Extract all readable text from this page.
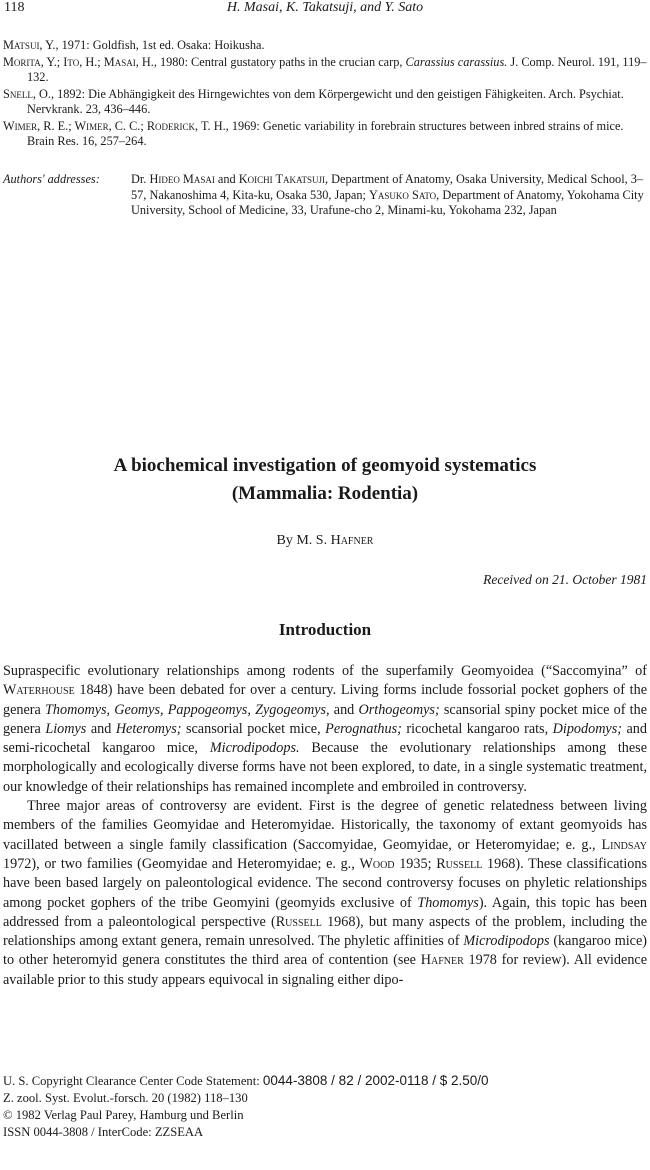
118	H. Masai, K. Takatsuji, and Y. Sato

Matsui, Y., 1971: Goldfish, 1st ed. Osaka: Hoikusha.

Morita, Y.; Ito, H.; Masai, H., 1980: Central gustatory paths in the crucian carp, Carassius carassius. J. Comp. Neurol. 191, 119–132.

Snell, O., 1892: Die Abhängigkeit des Hirngewichtes von dem Körpergewicht und den geistigen Fähigkeiten. Arch. Psychiat. Nervkrank. 23, 436–446.

Wimer, R. E.; Wimer, C. C.; Roderick, T. H., 1969: Genetic variability in forebrain structures between inbred strains of mice. Brain Res. 16, 257–264.

Authors' addresses:	Dr. Hideo Masai and Koichi Takatsuji, Department of Anatomy, Osaka University, Medical School, 3–57, Nakanoshima 4, Kita-ku, Osaka 530, Japan; Yasuko Sato, Department of Anatomy, Yokohama City University, School of Medicine, 33, Urafune-cho 2, Minami-ku, Yokohama 232, Japan
A biochemical investigation of geomyoid systematics
(Mammalia: Rodentia)
By M. S. Hafner
Received on 21. October 1981
Introduction

Supraspecific evolutionary relationships among rodents of the superfamily Geomyoidea (“Saccomyina” of Waterhouse 1848) have been debated for over a century. Living forms include fossorial pocket gophers of the genera Thomomys, Geomys, Pappogeomys, Zygogeomys, and Orthogeomys; scansorial spiny pocket mice of the genera Liomys and Heteromys; scansorial pocket mice, Perognathus; ricochetal kangaroo rats, Dipodomys; and semi-ricochetal kangaroo mice, Microdipodops. Because the evolutionary relationships among these morphologically and ecologically diverse forms have not been explored, to date, in a single systematic treatment, our knowledge of their relationships has remained incomplete and embroiled in controversy.

Three major areas of controversy are evident. First is the degree of genetic relatedness between living members of the families Geomyidae and Heteromyidae. Historically, the taxonomy of extant geomyoids has vacillated between a single family classification (Saccomyidae, Geomyidae, or Heteromyidae; e. g., Lindsay 1972), or two families (Geomyidae and Heteromyidae; e. g., Wood 1935; Russell 1968). These classifications have been based largely on paleontological evidence. The second controversy focuses on phyletic relationships among pocket gophers of the tribe Geomyini (geomyids exclusive of Thomomys). Again, this topic has been addressed from a paleontological perspective (Russell 1968), but many aspects of the problem, including the relationships among extant genera, remain unresolved. The phyletic affinities of Microdipodops (kangaroo mice) to other heteromyid genera constitutes the third area of contention (see Hafner 1978 for review). All evidence available prior to this study appears equivocal in signaling either dipo-

U. S. Copyright Clearance Center Code Statement: 0044-3808 / 82 / 2002-0118 / $ 2.50/0
Z. zool. Syst. Evolut.-forsch. 20 (1982) 118–130
© 1982 Verlag Paul Parey, Hamburg und Berlin
ISSN 0044-3808 / InterCode: ZZSEAA
